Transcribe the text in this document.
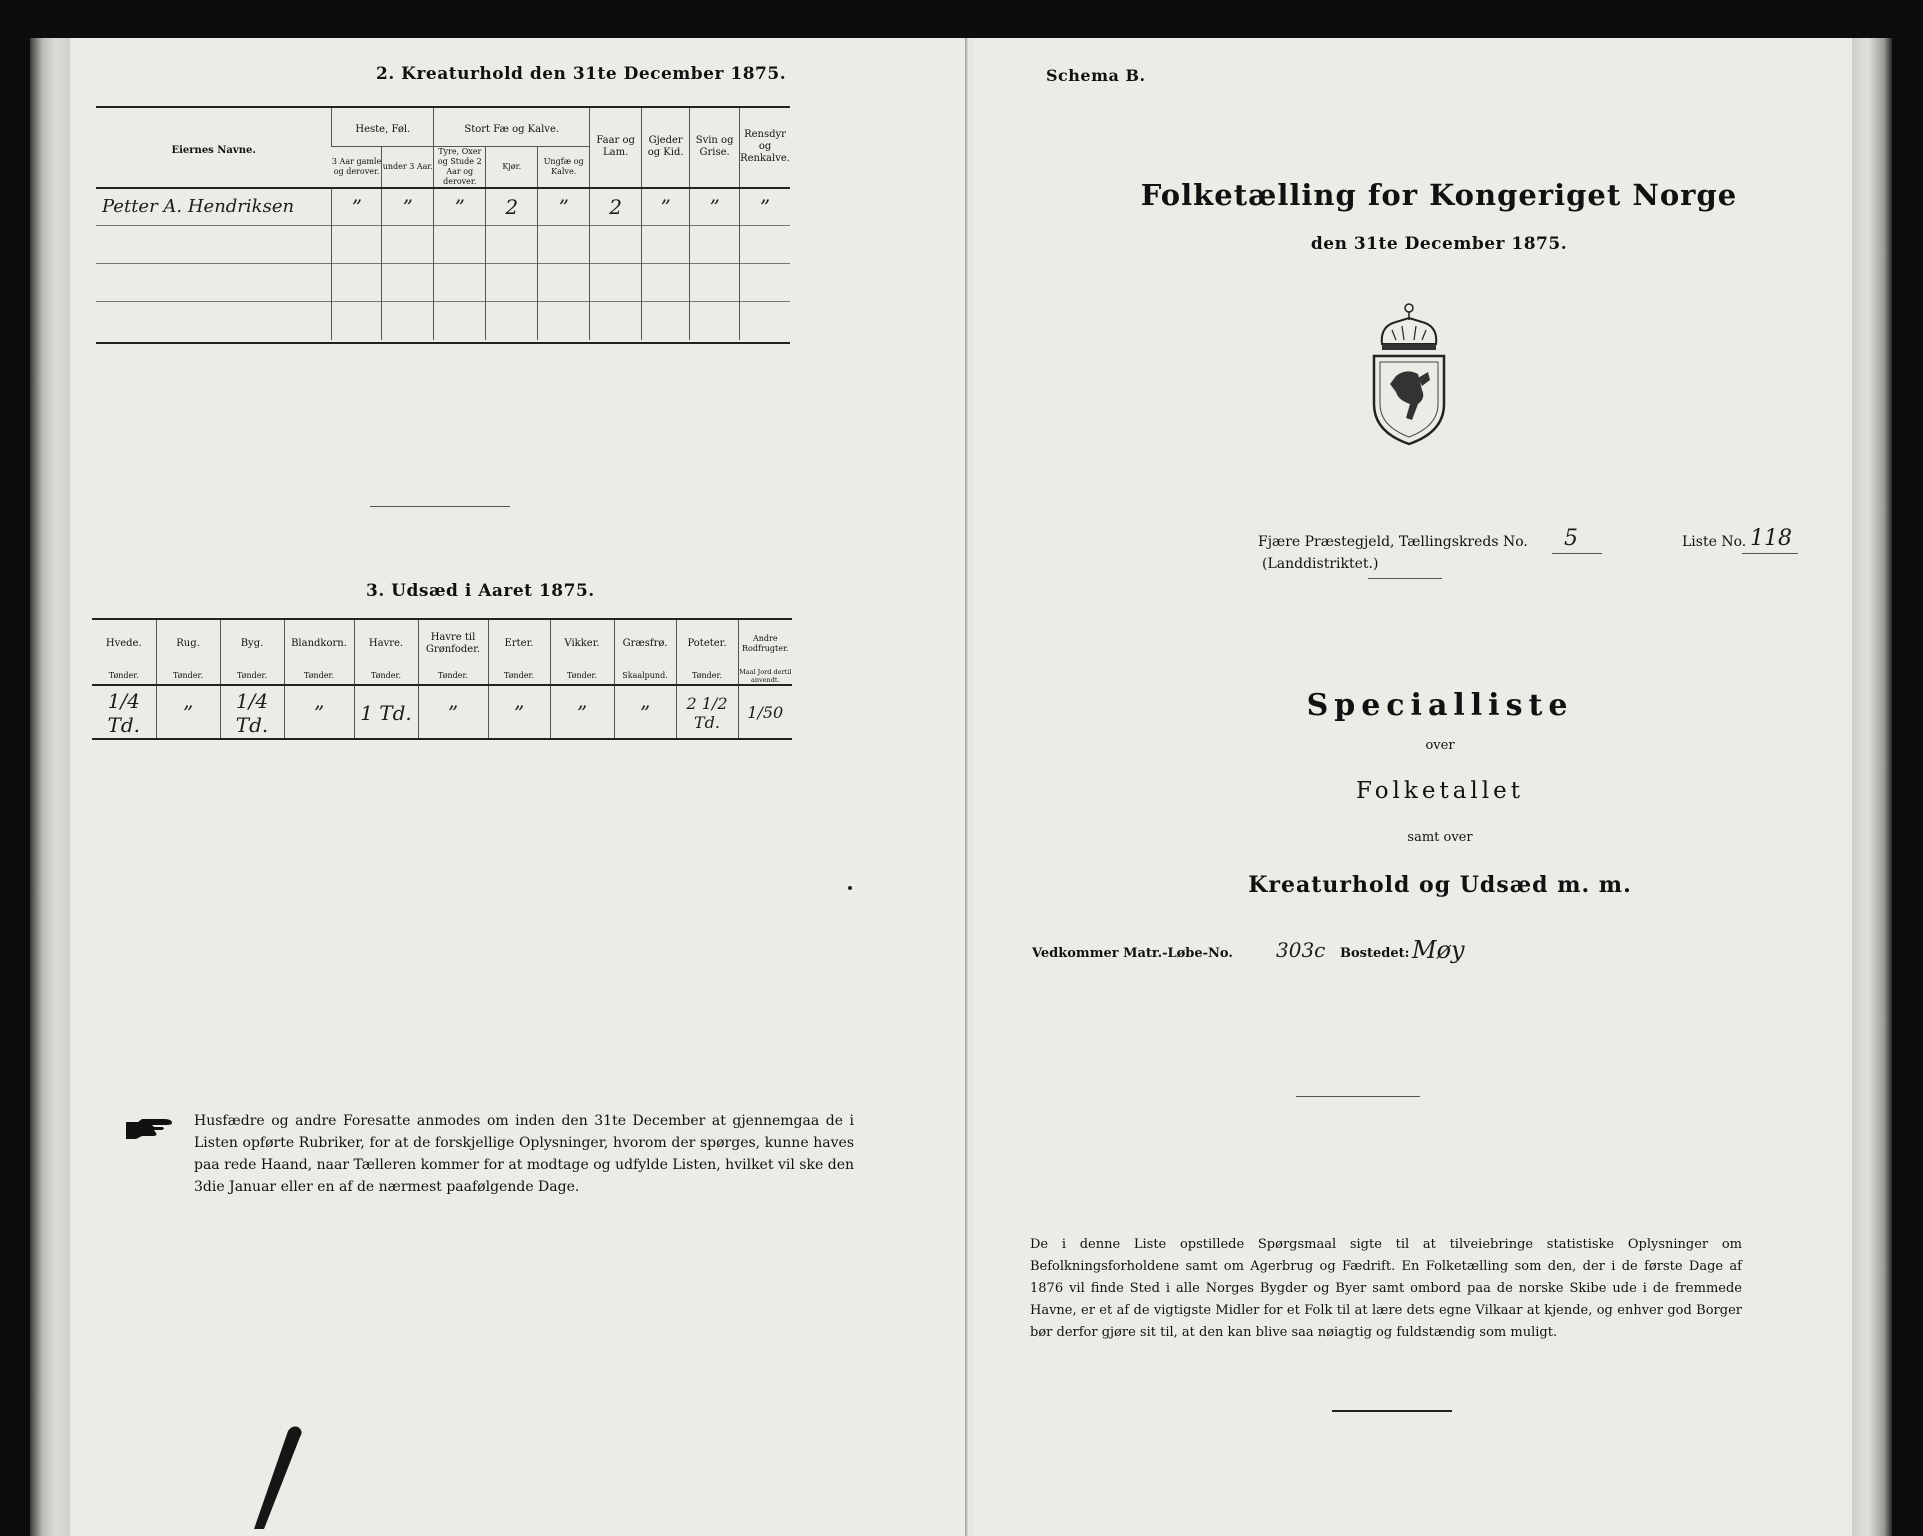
2. Kreaturhold den 31te December 1875.
Eiernes Navne.	Heste, Føl.		Stort Fæ og Kalve.			Faar og Lam.	Gjeder og Kid.	Svin og Grise.	Rensdyr og Renkalve.

	3 Aar gamle og derover.	under 3 Aar.	Tyre, Oxer og Stude 2 Aar og derover.	Kjør.	Ungfæ og Kalve.				

Petter A. Hendriksen	”	”	”	2	”	2	”	”	”

3. Udsæd i Aaret 1875.
Hvede.	Rug.	Byg.	Blandkorn.	Havre.	Havre til Grønfoder.	Erter.	Vikker.	Græsfrø.	Poteter.	Andre Rodfrugter.

Tønder.	Tønder.	Tønder.	Tønder.	Tønder.	Tønder.	Tønder.	Tønder.	Skaalpund.	Tønder.	Maal Jord dertil anvendt.

1/4 Td.	”	1/4 Td.	”	1 Td.	”	”	”	”	2 1/2 Td.	1/50
Husfædre og andre Foresatte anmodes om inden den 31te December at gjennemgaa de i Listen opførte Rubriker, for at de forskjellige Oplysninger, hvorom der spørges, kunne haves paa rede Haand, naar Tælleren kommer for at modtage og udfylde Listen, hvilket vil ske den 3die Januar eller en af de nærmest paafølgende Dage.
Schema B.
Folketælling for Kongeriget Norge
den 31te December 1875.
Fjære Præstegjeld, Tællingskreds No. 5	Liste No. 118
(Landdistriktet.)
Specialliste
over
Folketallet
samt over
Kreaturhold og Udsæd m. m.
Vedkommer Matr.-Løbe-No. 303c Bostedet: Møy
De i denne Liste opstillede Spørgsmaal sigte til at tilveiebringe statistiske Oplysninger om Befolkningsforholdene samt om Agerbrug og Fædrift. En Folketælling som den, der i de første Dage af 1876 vil finde Sted i alle Norges Bygder og Byer samt ombord paa de norske Skibe ude i de fremmede Havne, er et af de vigtigste Midler for et Folk til at lære dets egne Vilkaar at kjende, og enhver god Borger bør derfor gjøre sit til, at den kan blive saa nøiagtig og fuldstændig som muligt.
